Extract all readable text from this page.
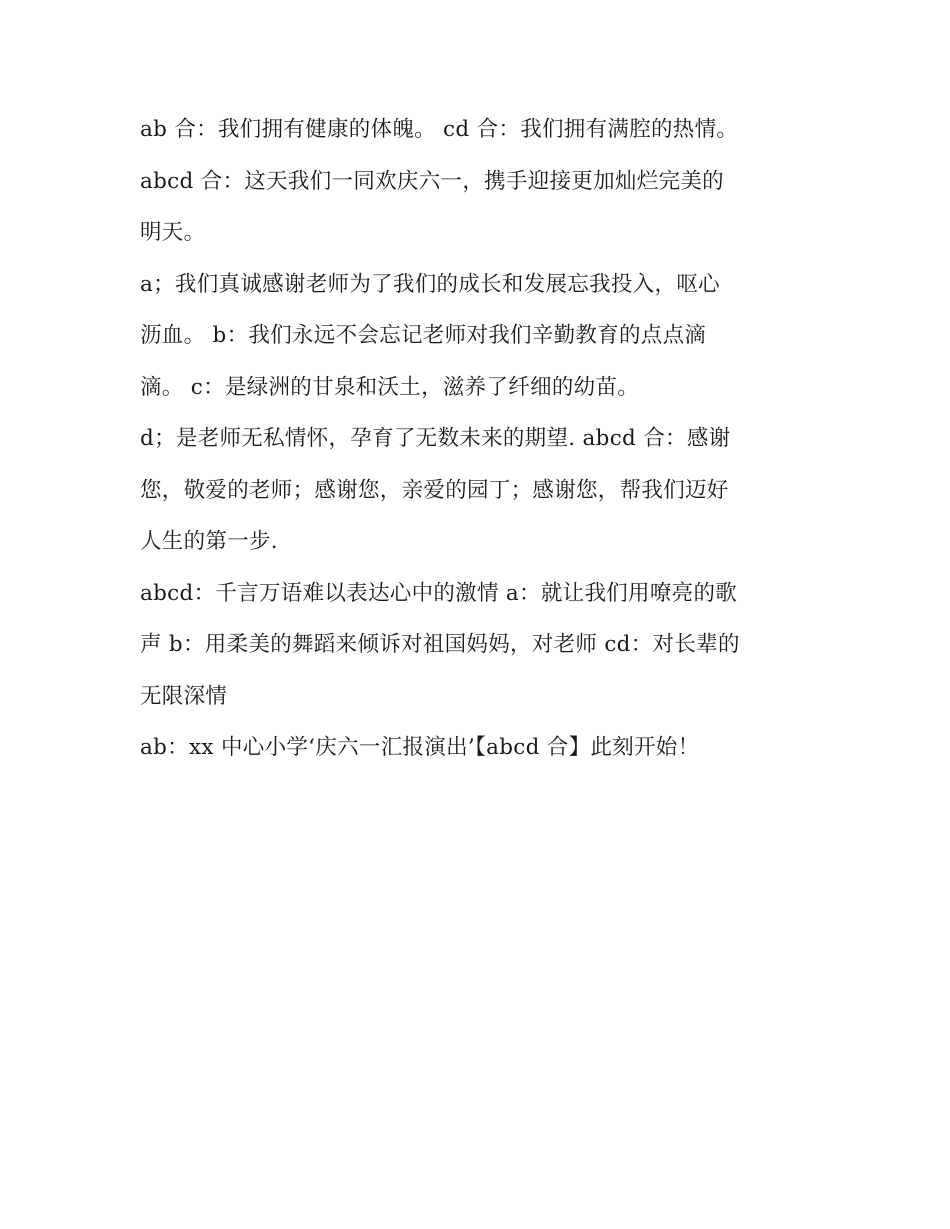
ab 合：我们拥有健康的体魄。 cd 合：我们拥有满腔的热情。
abcd 合：这天我们一同欢庆六一，携手迎接更加灿烂完美的
明天。
a；我们真诚感谢老师为了我们的成长和发展忘我投入，呕心
沥血。 b：我们永远不会忘记老师对我们辛勤教育的点点滴
滴。 c：是绿洲的甘泉和沃土，滋养了纤细的幼苗。
d；是老师无私情怀，孕育了无数未来的期望. abcd 合：感谢
您，敬爱的老师；感谢您，亲爱的园丁；感谢您，帮我们迈好
人生的第一步.
abcd：千言万语难以表达心中的激情 a：就让我们用嘹亮的歌
声 b：用柔美的舞蹈来倾诉对祖国妈妈，对老师 cd：对长辈的
无限深情
ab：xx 中心小学‘庆六一汇报演出’【abcd 合】此刻开始！
